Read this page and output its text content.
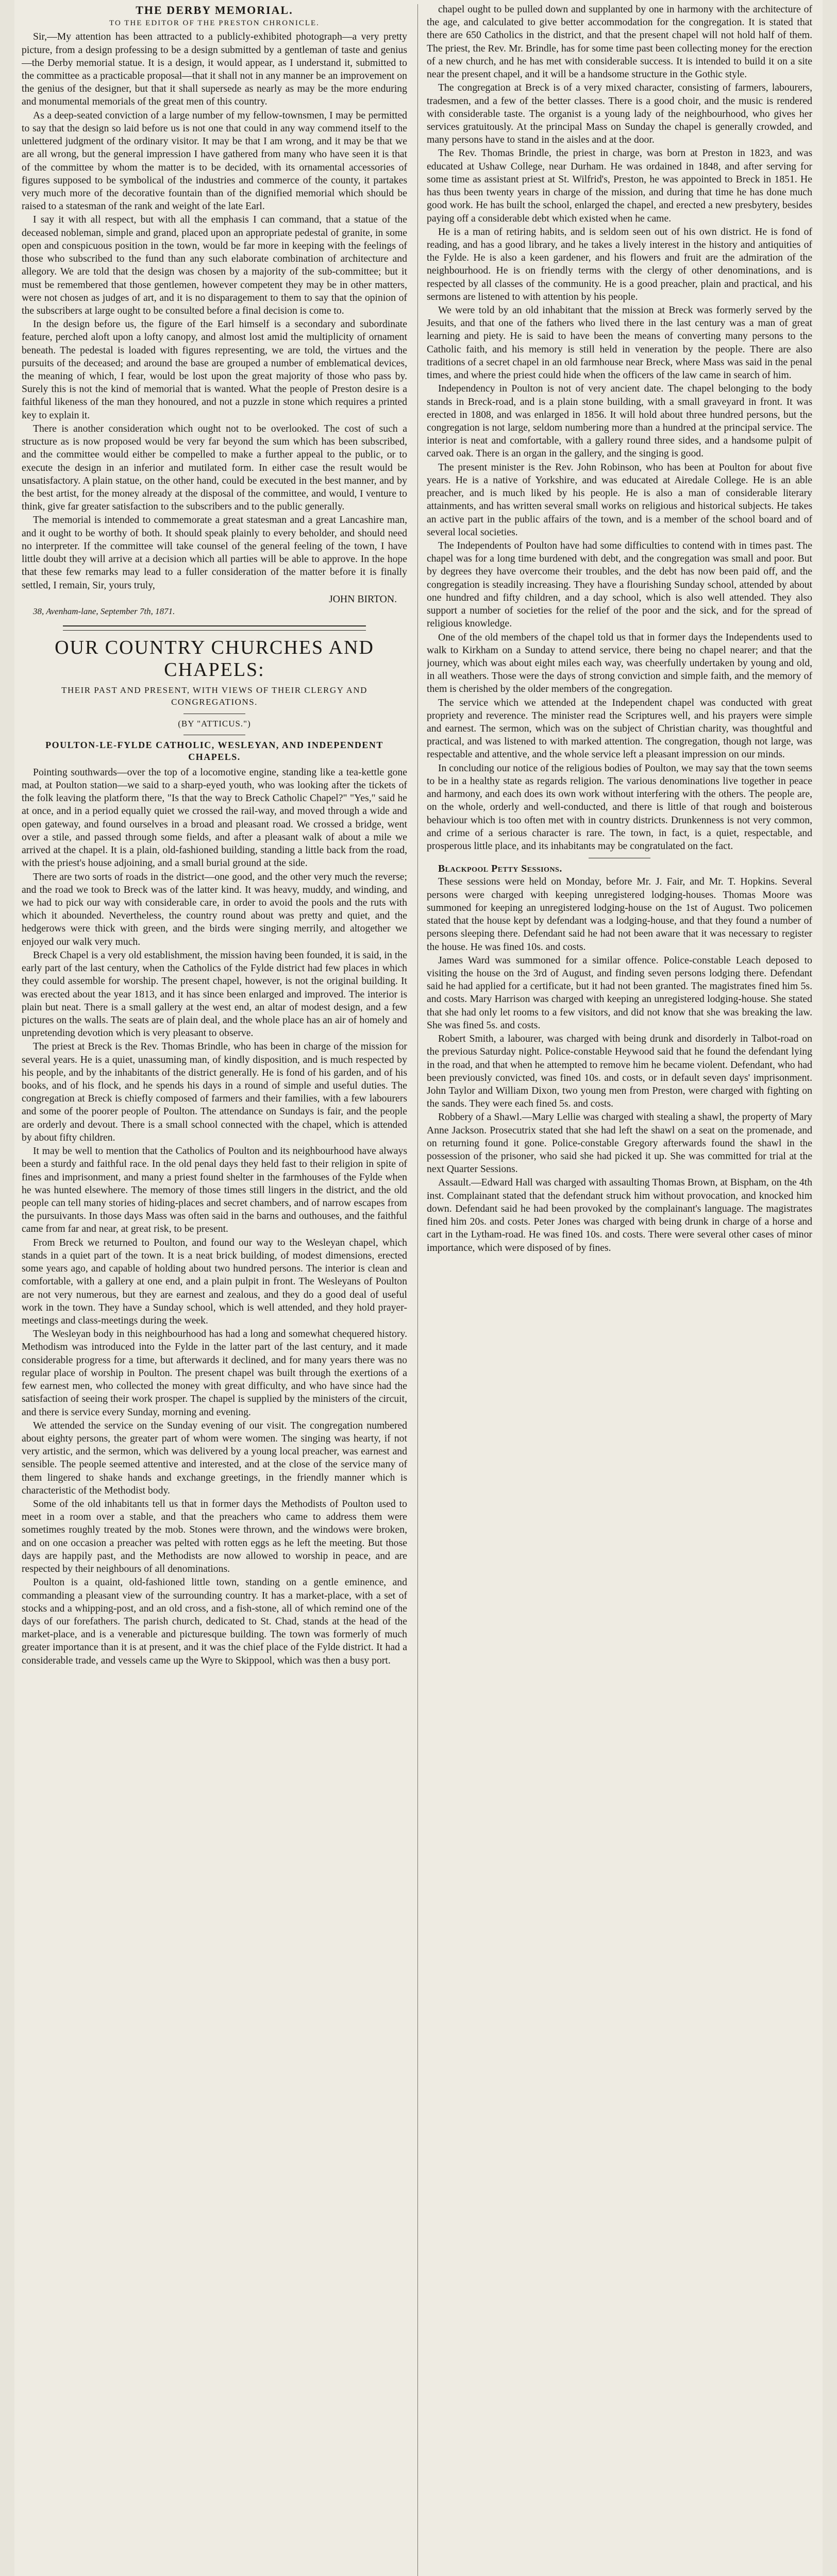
THE DERBY MEMORIAL.
TO THE EDITOR OF THE PRESTON CHRONICLE.

Sir,—My attention has been attracted to a publicly-exhibited photograph—a very pretty picture, from a design professing to be a design submitted by a gentleman of taste and genius—the Derby memorial statue. It is a design, it would appear, as I understand it, submitted to the committee as a practicable proposal—that it shall not in any manner be an improvement on the genius of the designer, but that it shall supersede as nearly as may be the more enduring and monumental memorials of the great men of this country.

As a deep-seated conviction of a large number of my fellow-townsmen, I may be permitted to say that the design so laid before us is not one that could in any way commend itself to the unlettered judgment of the ordinary visitor. It may be that I am wrong, and it may be that we are all wrong, but the general impression I have gathered from many who have seen it is that of the committee by whom the matter is to be decided, with its ornamental accessories of figures supposed to be symbolical of the industries and commerce of the county, it partakes very much more of the decorative fountain than of the dignified memorial which should be raised to a statesman of the rank and weight of the late Earl.

I say it with all respect, but with all the emphasis I can command, that a statue of the deceased nobleman, simple and grand, placed upon an appropriate pedestal of granite, in some open and conspicuous position in the town, would be far more in keeping with the feelings of those who subscribed to the fund than any such elaborate combination of architecture and allegory. We are told that the design was chosen by a majority of the sub-committee; but it must be remembered that those gentlemen, however competent they may be in other matters, were not chosen as judges of art, and it is no disparagement to them to say that the opinion of the subscribers at large ought to be consulted before a final decision is come to.

In the design before us, the figure of the Earl himself is a secondary and subordinate feature, perched aloft upon a lofty canopy, and almost lost amid the multiplicity of ornament beneath. The pedestal is loaded with figures representing, we are told, the virtues and the pursuits of the deceased; and around the base are grouped a number of emblematical devices, the meaning of which, I fear, would be lost upon the great majority of those who pass by. Surely this is not the kind of memorial that is wanted. What the people of Preston desire is a faithful likeness of the man they honoured, and not a puzzle in stone which requires a printed key to explain it.

There is another consideration which ought not to be overlooked. The cost of such a structure as is now proposed would be very far beyond the sum which has been subscribed, and the committee would either be compelled to make a further appeal to the public, or to execute the design in an inferior and mutilated form. In either case the result would be unsatisfactory. A plain statue, on the other hand, could be executed in the best manner, and by the best artist, for the money already at the disposal of the committee, and would, I venture to think, give far greater satisfaction to the subscribers and to the public generally.

The memorial is intended to commemorate a great statesman and a great Lancashire man, and it ought to be worthy of both. It should speak plainly to every beholder, and should need no interpreter. If the committee will take counsel of the general feeling of the town, I have little doubt they will arrive at a decision which all parties will be able to approve. In the hope that these few remarks may lead to a fuller consideration of the matter before it is finally settled, I remain, Sir, yours truly,

JOHN BIRTON.

38, Avenham-lane, September 7th, 1871.

OUR COUNTRY CHURCHES AND CHAPELS:
THEIR PAST AND PRESENT, WITH VIEWS OF THEIR CLERGY AND CONGREGATIONS.
(BY "ATTICUS.")
POULTON-LE-FYLDE CATHOLIC, WESLEYAN, AND INDEPENDENT CHAPELS.

Pointing southwards—over the top of a locomotive engine, standing like a tea-kettle gone mad, at Poulton station—we said to a sharp-eyed youth, who was looking after the tickets of the folk leaving the platform there, "Is that the way to Breck Catholic Chapel?" "Yes," said he at once, and in a period equally quiet we crossed the rail-way, and moved through a wide and open gateway, and found ourselves in a broad and pleasant road. We crossed a bridge, went over a stile, and passed through some fields, and after a pleasant walk of about a mile we arrived at the chapel. It is a plain, old-fashioned building, standing a little back from the road, with the priest's house adjoining, and a small burial ground at the side.

There are two sorts of roads in the district—one good, and the other very much the reverse; and the road we took to Breck was of the latter kind. It was heavy, muddy, and winding, and we had to pick our way with considerable care, in order to avoid the pools and the ruts with which it abounded. Nevertheless, the country round about was pretty and quiet, and the hedgerows were thick with green, and the birds were singing merrily, and altogether we enjoyed our walk very much.

Breck Chapel is a very old establishment, the mission having been founded, it is said, in the early part of the last century, when the Catholics of the Fylde district had few places in which they could assemble for worship. The present chapel, however, is not the original building. It was erected about the year 1813, and it has since been enlarged and improved. The interior is plain but neat. There is a small gallery at the west end, an altar of modest design, and a few pictures on the walls. The seats are of plain deal, and the whole place has an air of homely and unpretending devotion which is very pleasant to observe.

The priest at Breck is the Rev. Thomas Brindle, who has been in charge of the mission for several years. He is a quiet, unassuming man, of kindly disposition, and is much respected by his people, and by the inhabitants of the district generally. He is fond of his garden, and of his books, and of his flock, and he spends his days in a round of simple and useful duties. The congregation at Breck is chiefly composed of farmers and their families, with a few labourers and some of the poorer people of Poulton. The attendance on Sundays is fair, and the people are orderly and devout. There is a small school connected with the chapel, which is attended by about fifty children.

It may be well to mention that the Catholics of Poulton and its neighbourhood have always been a sturdy and faithful race. In the old penal days they held fast to their religion in spite of fines and imprisonment, and many a priest found shelter in the farmhouses of the Fylde when he was hunted elsewhere. The memory of those times still lingers in the district, and the old people can tell many stories of hiding-places and secret chambers, and of narrow escapes from the pursuivants. In those days Mass was often said in the barns and outhouses, and the faithful came from far and near, at great risk, to be present.

From Breck we returned to Poulton, and found our way to the Wesleyan chapel, which stands in a quiet part of the town. It is a neat brick building, of modest dimensions, erected some years ago, and capable of holding about two hundred persons. The interior is clean and comfortable, with a gallery at one end, and a plain pulpit in front. The Wesleyans of Poulton are not very numerous, but they are earnest and zealous, and they do a good deal of useful work in the town. They have a Sunday school, which is well attended, and they hold prayer-meetings and class-meetings during the week.

The Wesleyan body in this neighbourhood has had a long and somewhat chequered history. Methodism was introduced into the Fylde in the latter part of the last century, and it made considerable progress for a time, but afterwards it declined, and for many years there was no regular place of worship in Poulton. The present chapel was built through the exertions of a few earnest men, who collected the money with great difficulty, and who have since had the satisfaction of seeing their work prosper. The chapel is supplied by the ministers of the circuit, and there is service every Sunday, morning and evening.

We attended the service on the Sunday evening of our visit. The congregation numbered about eighty persons, the greater part of whom were women. The singing was hearty, if not very artistic, and the sermon, which was delivered by a young local preacher, was earnest and sensible. The people seemed attentive and interested, and at the close of the service many of them lingered to shake hands and exchange greetings, in the friendly manner which is characteristic of the Methodist body.

Some of the old inhabitants tell us that in former days the Methodists of Poulton used to meet in a room over a stable, and that the preachers who came to address them were sometimes roughly treated by the mob. Stones were thrown, and the windows were broken, and on one occasion a preacher was pelted with rotten eggs as he left the meeting. But those days are happily past, and the Methodists are now allowed to worship in peace, and are respected by their neighbours of all denominations.

Poulton is a quaint, old-fashioned little town, standing on a gentle eminence, and commanding a pleasant view of the surrounding country. It has a market-place, with a set of stocks and a whipping-post, and an old cross, and a fish-stone, all of which remind one of the days of our forefathers. The parish church, dedicated to St. Chad, stands at the head of the market-place, and is a venerable and picturesque building. The town was formerly of much greater importance than it is at present, and it was the chief place of the Fylde district. It had a considerable trade, and vessels came up the Wyre to Skippool, which was then a busy port.

chapel ought to be pulled down and supplanted by one in harmony with the architecture of the age, and calculated to give better accommodation for the congregation. It is stated that there are 650 Catholics in the district, and that the present chapel will not hold half of them. The priest, the Rev. Mr. Brindle, has for some time past been collecting money for the erection of a new church, and he has met with considerable success. It is intended to build it on a site near the present chapel, and it will be a handsome structure in the Gothic style.

The congregation at Breck is of a very mixed character, consisting of farmers, labourers, tradesmen, and a few of the better classes. There is a good choir, and the music is rendered with considerable taste. The organist is a young lady of the neighbourhood, who gives her services gratuitously. At the principal Mass on Sunday the chapel is generally crowded, and many persons have to stand in the aisles and at the door.

The Rev. Thomas Brindle, the priest in charge, was born at Preston in 1823, and was educated at Ushaw College, near Durham. He was ordained in 1848, and after serving for some time as assistant priest at St. Wilfrid's, Preston, he was appointed to Breck in 1851. He has thus been twenty years in charge of the mission, and during that time he has done much good work. He has built the school, enlarged the chapel, and erected a new presbytery, besides paying off a considerable debt which existed when he came.

He is a man of retiring habits, and is seldom seen out of his own district. He is fond of reading, and has a good library, and he takes a lively interest in the history and antiquities of the Fylde. He is also a keen gardener, and his flowers and fruit are the admiration of the neighbourhood. He is on friendly terms with the clergy of other denominations, and is respected by all classes of the community. He is a good preacher, plain and practical, and his sermons are listened to with attention by his people.

We were told by an old inhabitant that the mission at Breck was formerly served by the Jesuits, and that one of the fathers who lived there in the last century was a man of great learning and piety. He is said to have been the means of converting many persons to the Catholic faith, and his memory is still held in veneration by the people. There are also traditions of a secret chapel in an old farmhouse near Breck, where Mass was said in the penal times, and where the priest could hide when the officers of the law came in search of him.

Independency in Poulton is not of very ancient date. The chapel belonging to the body stands in Breck-road, and is a plain stone building, with a small graveyard in front. It was erected in 1808, and was enlarged in 1856. It will hold about three hundred persons, but the congregation is not large, seldom numbering more than a hundred at the principal service. The interior is neat and comfortable, with a gallery round three sides, and a handsome pulpit of carved oak. There is an organ in the gallery, and the singing is good.

The present minister is the Rev. John Robinson, who has been at Poulton for about five years. He is a native of Yorkshire, and was educated at Airedale College. He is an able preacher, and is much liked by his people. He is also a man of considerable literary attainments, and has written several small works on religious and historical subjects. He takes an active part in the public affairs of the town, and is a member of the school board and of several local societies.

The Independents of Poulton have had some difficulties to contend with in times past. The chapel was for a long time burdened with debt, and the congregation was small and poor. But by degrees they have overcome their troubles, and the debt has now been paid off, and the congregation is steadily increasing. They have a flourishing Sunday school, attended by about one hundred and fifty children, and a day school, which is also well attended. They also support a number of societies for the relief of the poor and the sick, and for the spread of religious knowledge.

One of the old members of the chapel told us that in former days the Independents used to walk to Kirkham on a Sunday to attend service, there being no chapel nearer; and that the journey, which was about eight miles each way, was cheerfully undertaken by young and old, in all weathers. Those were the days of strong conviction and simple faith, and the memory of them is cherished by the older members of the congregation.

The service which we attended at the Independent chapel was conducted with great propriety and reverence. The minister read the Scriptures well, and his prayers were simple and earnest. The sermon, which was on the subject of Christian charity, was thoughtful and practical, and was listened to with marked attention. The congregation, though not large, was respectable and attentive, and the whole service left a pleasant impression on our minds.

In concluding our notice of the religious bodies of Poulton, we may say that the town seems to be in a healthy state as regards religion. The various denominations live together in peace and harmony, and each does its own work without interfering with the others. The people are, on the whole, orderly and well-conducted, and there is little of that rough and boisterous behaviour which is too often met with in country districts. Drunkenness is not very common, and crime of a serious character is rare. The town, in fact, is a quiet, respectable, and prosperous little place, and its inhabitants may be congratulated on the fact.

Blackpool Petty Sessions.

These sessions were held on Monday, before Mr. J. Fair, and Mr. T. Hopkins. Several persons were charged with keeping unregistered lodging-houses. Thomas Moore was summoned for keeping an unregistered lodging-house on the 1st of August. Two policemen stated that the house kept by defendant was a lodging-house, and that they found a number of persons sleeping there. Defendant said he had not been aware that it was necessary to register the house. He was fined 10s. and costs.

James Ward was summoned for a similar offence. Police-constable Leach deposed to visiting the house on the 3rd of August, and finding seven persons lodging there. Defendant said he had applied for a certificate, but it had not been granted. The magistrates fined him 5s. and costs. Mary Harrison was charged with keeping an unregistered lodging-house. She stated that she had only let rooms to a few visitors, and did not know that she was breaking the law. She was fined 5s. and costs.

Robert Smith, a labourer, was charged with being drunk and disorderly in Talbot-road on the previous Saturday night. Police-constable Heywood said that he found the defendant lying in the road, and that when he attempted to remove him he became violent. Defendant, who had been previously convicted, was fined 10s. and costs, or in default seven days' imprisonment. John Taylor and William Dixon, two young men from Preston, were charged with fighting on the sands. They were each fined 5s. and costs.

Robbery of a Shawl.—Mary Lellie was charged with stealing a shawl, the property of Mary Anne Jackson. Prosecutrix stated that she had left the shawl on a seat on the promenade, and on returning found it gone. Police-constable Gregory afterwards found the shawl in the possession of the prisoner, who said she had picked it up. She was committed for trial at the next Quarter Sessions.

Assault.—Edward Hall was charged with assaulting Thomas Brown, at Bispham, on the 4th inst. Complainant stated that the defendant struck him without provocation, and knocked him down. Defendant said he had been provoked by the complainant's language. The magistrates fined him 20s. and costs. Peter Jones was charged with being drunk in charge of a horse and cart in the Lytham-road. He was fined 10s. and costs. There were several other cases of minor importance, which were disposed of by fines.
